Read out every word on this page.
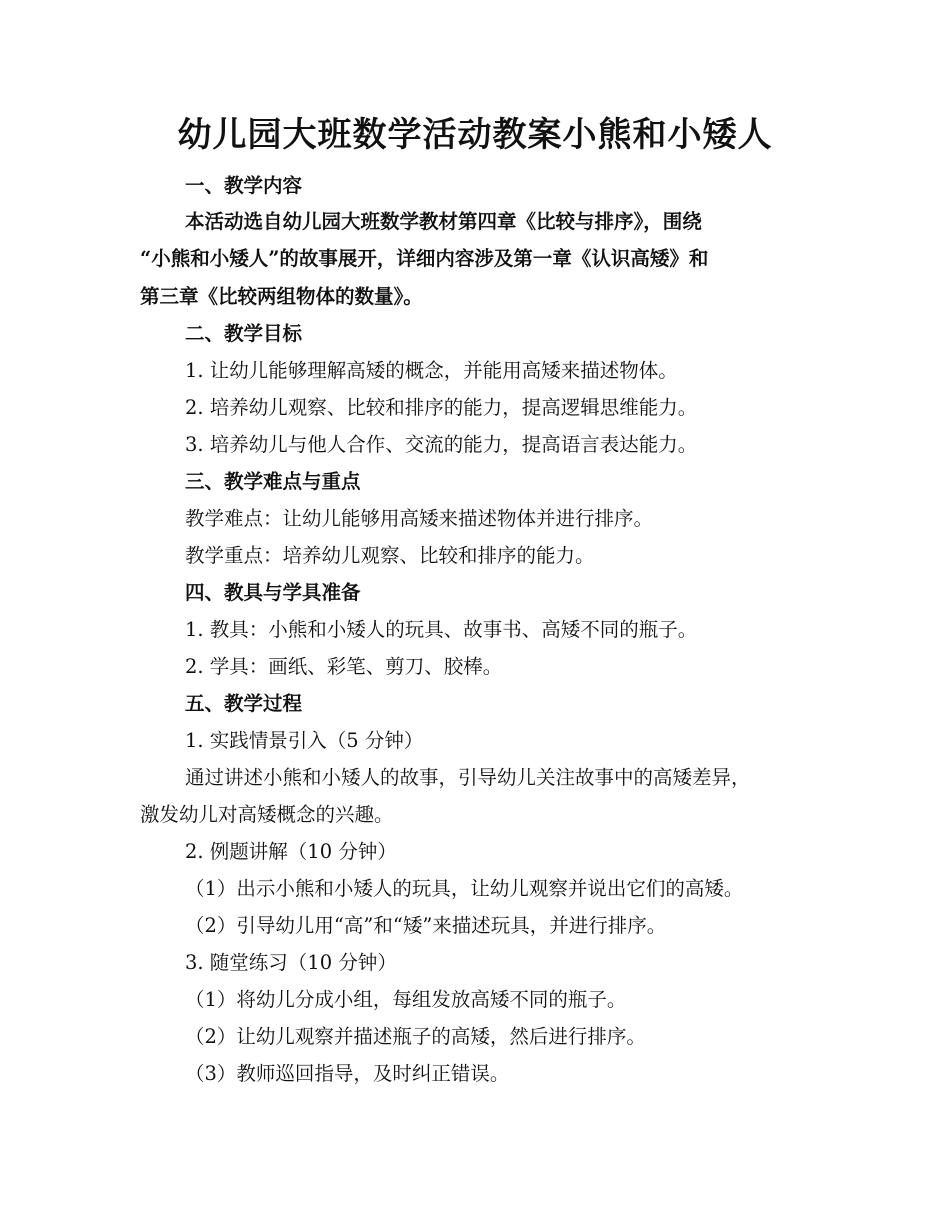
幼儿园大班数学活动教案小熊和小矮人
一、教学内容
本活动选自幼儿园大班数学教材第四章《比较与排序》，围绕
“小熊和小矮人”的故事展开，详细内容涉及第一章《认识高矮》和
第三章《比较两组物体的数量》。
二、教学目标
1. 让幼儿能够理解高矮的概念，并能用高矮来描述物体。
2. 培养幼儿观察、比较和排序的能力，提高逻辑思维能力。
3. 培养幼儿与他人合作、交流的能力，提高语言表达能力。
三、教学难点与重点
教学难点：让幼儿能够用高矮来描述物体并进行排序。
教学重点：培养幼儿观察、比较和排序的能力。
四、教具与学具准备
1. 教具：小熊和小矮人的玩具、故事书、高矮不同的瓶子。
2. 学具：画纸、彩笔、剪刀、胶棒。
五、教学过程
1. 实践情景引入（5 分钟）
通过讲述小熊和小矮人的故事，引导幼儿关注故事中的高矮差异，
激发幼儿对高矮概念的兴趣。
2. 例题讲解（10 分钟）
（1）出示小熊和小矮人的玩具，让幼儿观察并说出它们的高矮。
（2）引导幼儿用“高”和“矮”来描述玩具，并进行排序。
3. 随堂练习（10 分钟）
（1）将幼儿分成小组，每组发放高矮不同的瓶子。
（2）让幼儿观察并描述瓶子的高矮，然后进行排序。
（3）教师巡回指导，及时纠正错误。
